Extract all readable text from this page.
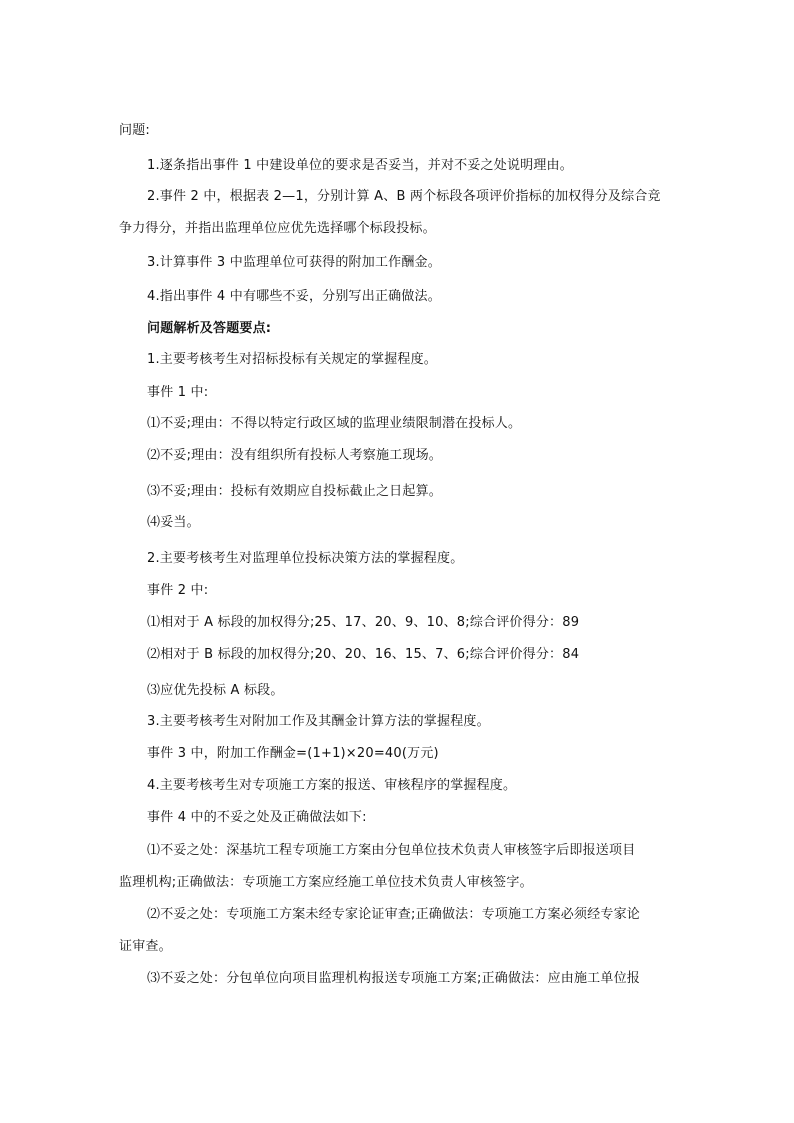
问题:
1.逐条指出事件 1 中建设单位的要求是否妥当，并对不妥之处说明理由。
2.事件 2 中，根据表 2—1，分别计算 A、B 两个标段各项评价指标的加权得分及综合竞
争力得分，并指出监理单位应优先选择哪个标段投标。
3.计算事件 3 中监理单位可获得的附加工作酬金。
4.指出事件 4 中有哪些不妥，分别写出正确做法。
问题解析及答题要点:
1.主要考核考生对招标投标有关规定的掌握程度。
事件 1 中:
⑴不妥;理由：不得以特定行政区域的监理业绩限制潜在投标人。
⑵不妥;理由：没有组织所有投标人考察施工现场。
⑶不妥;理由：投标有效期应自投标截止之日起算。
⑷妥当。
2.主要考核考生对监理单位投标决策方法的掌握程度。
事件 2 中:
⑴相对于 A 标段的加权得分;25、17、20、9、10、8;综合评价得分：89
⑵相对于 B 标段的加权得分;20、20、16、15、7、6;综合评价得分：84
⑶应优先投标 A 标段。
3.主要考核考生对附加工作及其酬金计算方法的掌握程度。
事件 3 中，附加工作酬金=(1+1)×20=40(万元)
4.主要考核考生对专项施工方案的报送、审核程序的掌握程度。
事件 4 中的不妥之处及正确做法如下:
⑴不妥之处：深基坑工程专项施工方案由分包单位技术负责人审核签字后即报送项目
监理机构;正确做法：专项施工方案应经施工单位技术负责人审核签字。
⑵不妥之处：专项施工方案未经专家论证审查;正确做法：专项施工方案必须经专家论
证审查。
⑶不妥之处：分包单位向项目监理机构报送专项施工方案;正确做法：应由施工单位报
